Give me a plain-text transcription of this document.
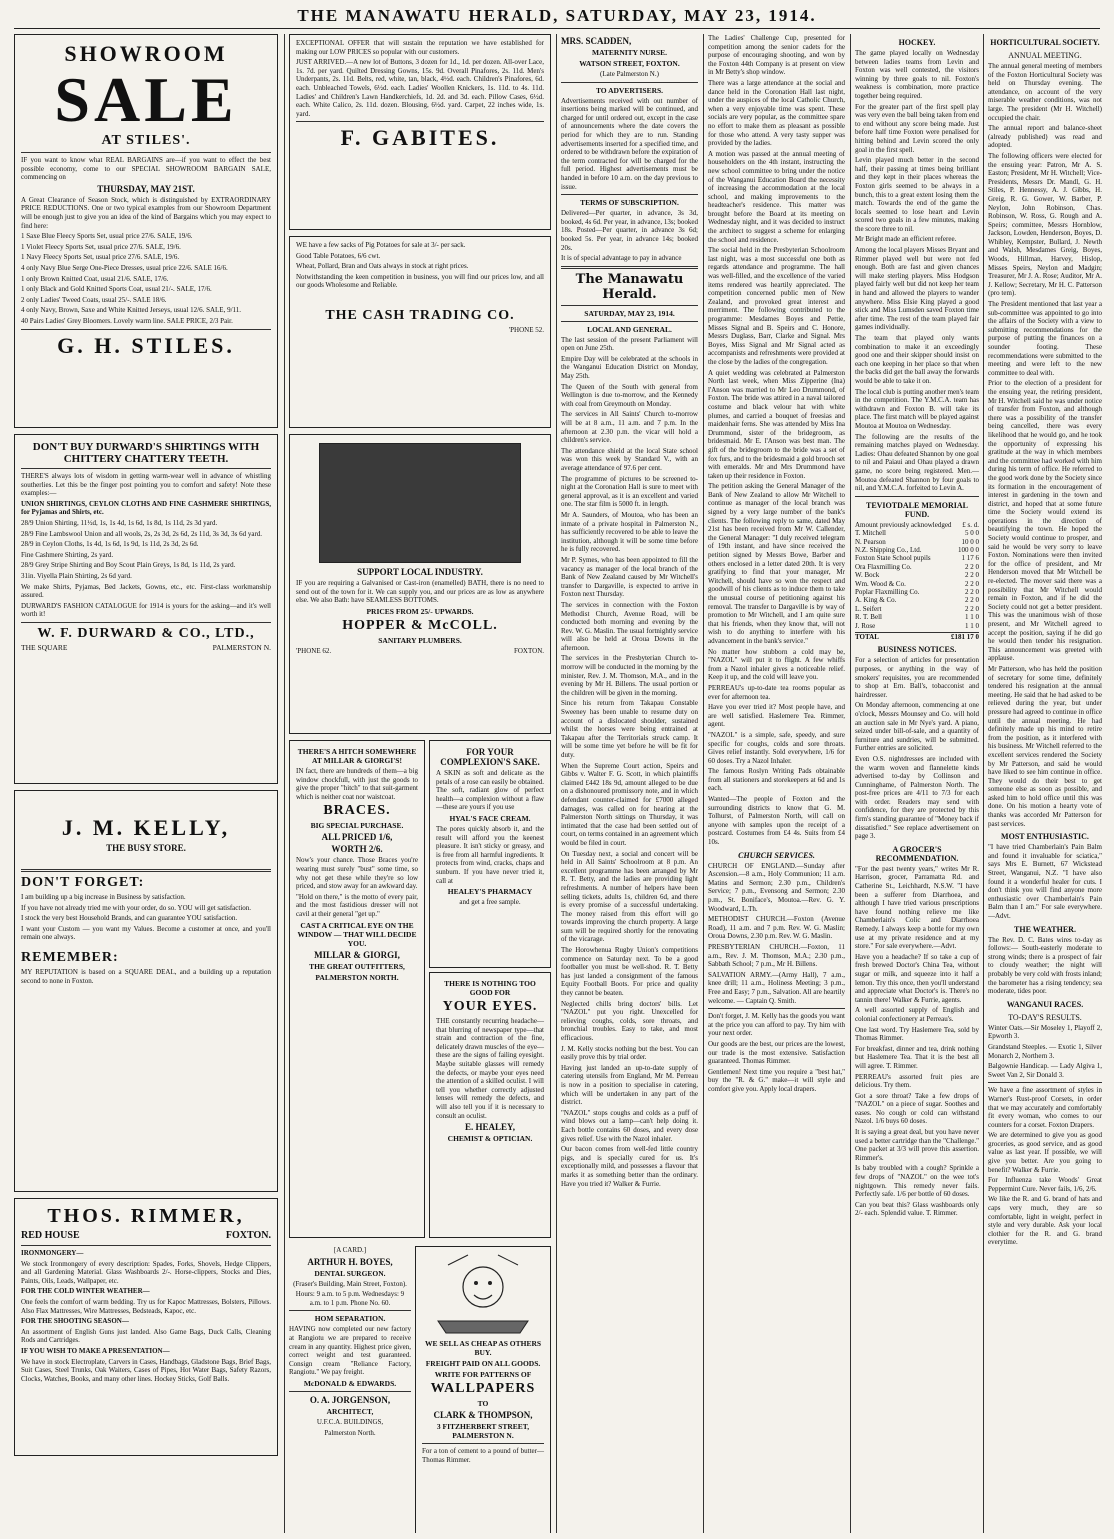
THE MANAWATU HERALD, SATURDAY, MAY 23, 1914.
SHOWROOM
SALE
AT STILES'.

IF you want to know what REAL BARGAINS are—if you want to effect the best possible economy, come to our SPECIAL SHOWROOM BARGAIN SALE, commencing on

THURSDAY, MAY 21ST.

A Great Clearance of Season Stock, which is distinguished by EXTRAORDINARY PRICE REDUCTIONS. One or two typical examples from our Showroom Department will be enough just to give you an idea of the kind of Bargains which you may expect to find here:

1 Saxe Blue Fleecy Sports Set, usual price 27/6. SALE, 19/6.

1 Violet Fleecy Sports Set, usual price 27/6. SALE, 19/6.

1 Navy Fleecy Sports Set, usual price 27/6. SALE, 19/6.

4 only Navy Blue Serge One-Piece Dresses, usual price 22/6. SALE 16/6.

1 only Brown Knitted Coat, usual 21/6. SALE, 17/6.

1 only Black and Gold Knitted Sports Coat, usual 21/-. SALE, 17/6.

2 only Ladies' Tweed Coats, usual 25/-. SALE 18/6.

4 only Navy, Brown, Saxe and White Knitted Jerseys, usual 12/6. SALE, 9/11.

40 Pairs Ladies' Grey Bloomers. Lovely warm line. SALE PRICE, 2/3 Pair.

G. H. STILES.
DON'T BUY DURWARD'S SHIRTINGS WITH CHITTERY CHATTERY TEETH.

THERE'S always lots of wisdom in getting warm-wear well in advance of whistling southerlies. Let this be the finger post pointing you to comfort and safety! Note these examples:—

UNION SHIRTINGS, CEYLON CLOTHS AND FINE CASHMERE SHIRTINGS, for Pyjamas and Shirts, etc.

28/9 Union Shirting, 11½d, 1s, 1s 4d, 1s 6d, 1s 8d, 1s 11d, 2s 3d yard.

28/9 Fine Lambswool Union and all wools, 2s, 2s 3d, 2s 6d, 2s 11d, 3s 3d, 3s 6d yard.

28/9 in Ceylon Cloths, 1s 4d, 1s 6d, 1s 9d, 1s 11d, 2s 3d, 2s 6d.

Fine Cashmere Shirting, 2s yard.

28/9 Grey Stripe Shirting and Boy Scout Plain Greys, 1s 8d, 1s 11d, 2s yard.

31in. Viyella Plain Shirting, 2s 6d yard.

We make Shirts, Pyjamas, Bed Jackets, Gowns, etc., etc. First-class workmanship assured.

DURWARD'S FASHION CATALOGUE for 1914 is yours for the asking—and it's well worth it!

W. F. DURWARD & CO., LTD.,
THE SQUARE	PALMERSTON N.
J. M. KELLY,
THE BUSY STORE.
DON'T FORGET:

I am building up a big increase in Business by satisfaction.

If you have not already tried me with your order, do so. YOU will get satisfaction.

I stock the very best Household Brands, and can guarantee YOU satisfaction.

I want your Custom — you want my Values. Become a customer at once, and you'll remain one always.

REMEMBER:

MY REPUTATION is based on a SQUARE DEAL, and a building up a reputation second to none in Foxton.

THOS. RIMMER,
RED HOUSE	FOXTON.

IRONMONGERY—

We stock Ironmongery of every description: Spades, Forks, Shovels, Hedge Clippers, and all Gardening Material. Glass Washboards 2/-. Horse-clippers, Stocks and Dies, Paints, Oils, Leads, Wallpaper, etc.

FOR THE COLD WINTER WEATHER—

One feels the comfort of warm bedding. Try us for Kapoc Mattresses, Bolsters, Pillows. Also Flax Mattresses, Wire Mattresses, Bedsteads, Kapoc, etc.

FOR THE SHOOTING SEASON—

An assortment of English Guns just landed. Also Game Bags, Duck Calls, Cleaning Rods and Cartridges.

IF YOU WISH TO MAKE A PRESENTATION—

We have in stock Electroplate, Carvers in Cases, Handbags, Gladstone Bags, Brief Bags, Suit Cases, Steel Trunks, Oak Waiters, Cases of Pipes, Hot Water Bags, Safety Razors, Clocks, Watches, Books, and many other lines. Hockey Sticks, Golf Balls.

EXCEPTIONAL OFFER that will sustain the reputation we have established for making our LOW PRICES so popular with our customers.

JUST ARRIVED.—A new lot of Buttons, 3 dozen for 1d., 1d. per dozen. All-over Lace, 1s. 7d. per yard. Quilted Dressing Gowns, 15s. 9d. Overall Pinafores, 2s. 11d. Men's Underpants, 2s. 11d. Belts, red, white, tan, black, 4½d. each. Children's Pinafores, 6d. each. Unbleached Towels, 6½d. each. Ladies' Woollen Knickers, 1s. 11d. to 4s. 11d. Ladies' and Children's Lawn Handkerchiefs, 1d. 2d. and 3d. each. Pillow Cases, 6½d. each. White Calico, 2s. 11d. dozen. Blousing, 6½d. yard. Carpet, 22 inches wide, 1s. yard.

F. GABITES.

WE have a few sacks of Pig Potatoes for sale at 3/- per sack.

Good Table Potatoes, 6/6 cwt.

Wheat, Pollard, Bran and Oats always in stock at right prices.

Notwithstanding the keen competition in business, you will find our prices low, and all our goods Wholesome and Reliable.

THE CASH TRADING CO.

'PHONE 52.

SUPPORT LOCAL INDUSTRY.

IF you are requiring a Galvanised or Cast-iron (enamelled) BATH, there is no need to send out of the town for it. We can supply you, and our prices are as low as anywhere else. We also Bath: have SEAMLESS BOTTOMS.

PRICES FROM 25/- UPWARDS.
HOPPER & McCOLL.
SANITARY PLUMBERS.
'PHONE 62.	FOXTON.
THERE'S A HITCH SOMEWHERE AT MILLAR & GIORGI'S!

IN fact, there are hundreds of them—a big window chockfull, with just the goods to give the proper "hitch" to that suit-garment which is neither coat nor waistcoat.

BRACES.
BIG SPECIAL PURCHASE.
ALL PRICED 1/6,
WORTH 2/6.

Now's your chance. Those Braces you're wearing must surely "bust" some time, so why not get these while they're so low priced, and stow away for an awkward day.

"Hold on there," is the motto of every pair, and the most fastidious dresser will not cavil at their general "get up."

CAST A CRITICAL EYE ON THE WINDOW — THAT WILL DECIDE YOU.
MILLAR & GIORGI,
THE GREAT OUTFITTERS,
PALMERSTON NORTH.
FOR YOUR COMPLEXION'S SAKE.

A SKIN as soft and delicate as the petals of a rose can easily be obtained. The soft, radiant glow of perfect health—a complexion without a flaw—these are yours if you use

HYAL'S FACE CREAM.

The pores quickly absorb it, and the result will afford you the keenest pleasure. It isn't sticky or greasy, and is free from all harmful ingredients. It protects from wind, cracks, chaps and sunburn. If you have never tried it, call at

HEALEY'S PHARMACY

and get a free sample.

THERE IS NOTHING TOO GOOD FOR
YOUR EYES.

THE constantly recurring headache—that blurring of newspaper type—that strain and contraction of the fine, delicately drawn muscles of the eye—these are the signs of failing eyesight. Maybe suitable glasses will remedy the defects, or maybe your eyes need the attention of a skilled oculist. I will tell you whether correctly adjusted lenses will remedy the defects, and will also tell you if it is necessary to consult an oculist.

E. HEALEY,
CHEMIST & OPTICIAN.

[A CARD.]

ARTHUR H. BOYES,
DENTAL SURGEON.

(Fraser's Building, Main Street, Foxton).

Hours: 9 a.m. to 5 p.m. Wednesdays: 9 a.m. to 1 p.m. Phone No. 60.

HOM SEPARATION.

HAVING now completed our new factory at Rangiotu we are prepared to receive cream in any quantity. Highest price given, correct weight and test guaranteed. Consign cream "Reliance Factory, Rangiotu." We pay freight.

McDONALD & EDWARDS.
O. A. JORGENSON,
ARCHITECT,

U.F.C.A. BUILDINGS,

Palmerston North.

WE SELL AS CHEAP AS OTHERS BUY.
FREIGHT PAID ON ALL GOODS.
WRITE FOR PATTERNS OF
WALLPAPERS
TO
CLARK & THOMPSON,
3 FITZHERBERT STREET, PALMERSTON N.

For a ton of cement to a pound of butter—Thomas Rimmer.

MRS. SCADDEN,
MATERNITY NURSE.
WATSON STREET, FOXTON.

(Late Palmerston N.)

TO ADVERTISERS.

Advertisements received with out number of insertions being marked will be continued, and charged for until ordered out, except in the case of announcements where the date covers the period for which they are to run. Standing advertisements inserted for a specified time, and ordered to be withdrawn before the expiration of the term contracted for will be charged for the full period. Highest advertisements must be handed in before 10 a.m. on the day previous to issue.

TERMS OF SUBSCRIPTION.

Delivered—Per quarter, in advance, 3s 3d, booked, 4s 6d. Per year, in advance, 13s; booked 18s. Posted—Per quarter, in advance 3s 6d; booked 5s. Per year, in advance 14s; booked 20s.

It is of special advantage to pay in advance

The Manawatu Herald.
SATURDAY, MAY 23, 1914.
LOCAL AND GENERAL.

The last session of the present Parliament will open on June 25th.

Empire Day will be celebrated at the schools in the Wanganui Education District on Monday, May 25th.

The Queen of the South with general from Wellington is due to-morrow, and the Kennedy with coal from Greymouth on Monday.

The services in All Saints' Church to-morrow will be at 8 a.m., 11 a.m. and 7 p.m. In the afternoon at 2.30 p.m. the vicar will hold a children's service.

The attendance shield at the local State school was won this week by Standard V., with an average attendance of 97.6 per cent.

The programme of pictures to be screened to-night at the Coronation Hall is sure to meet with general approval, as it is an excellent and varied one. The star film is 5000 ft. in length.

Mr A. Saunders, of Moutoa, who has been an inmate of a private hospital in Palmerston N., has sufficiently recovered to be able to leave the institution, although it will be some time before he is fully recovered.

Mr P. Symes, who has been appointed to fill the vacancy as manager of the local branch of the Bank of New Zealand caused by Mr Witchell's transfer to Dargaville, is expected to arrive in Foxton next Thursday.

The services in connection with the Foxton Methodist Church, Avenue Road, will be conducted both morning and evening by the Rev. W. G. Maslin. The usual fortnightly service will also be held at Oroua Downs in the afternoon.

The services in the Presbyterian Church to-morrow will be conducted in the morning by the minister, Rev. J. M. Thomson, M.A., and in the evening by Mr H. Billens. The usual portion or the children will be given in the morning.

Since his return from Takapau Constable Sweeney has been unable to resume duty on account of a dislocated shoulder, sustained whilst the horses were being entrained at Takapau after the Territorials struck camp. It will be some time yet before he will be fit for duty.

When the Supreme Court action, Speirs and Gibbs v. Walter F. G. Scott, in which plaintiffs claimed £442 18s 9d, amount alleged to be due on a dishonoured promissory note, and in which defendant counter-claimed for £7000 alleged damages, was called on for hearing at the Palmerston North sittings on Thursday, it was intimated that the case had been settled out of court, on terms contained in an agreement which would be filed in court.

On Tuesday next, a social and concert will be held in All Saints' Schoolroom at 8 p.m. An excellent programme has been arranged by Mr R. T. Betty, and the ladies are providing light refreshments. A number of helpers have been selling tickets, adults 1s, children 6d, and there is every promise of a successful undertaking. The money raised from this effort will go towards improving the church property. A large sum will be required shortly for the renovating of the vicarage.

The Horowhenua Rugby Union's competitions commence on Saturday next. To be a good footballer you must be well-shod. R. T. Betty has just landed a consignment of the famous Equity Football Boots. For price and quality they cannot be beaten.

Neglected chills bring doctors' bills. Let "NAZOL" put you right. Unexcelled for relieving coughs, colds, sore throats, and bronchial troubles. Easy to take, and most efficacious.

J. M. Kelly stocks nothing but the best. You can easily prove this by trial order.

Having just landed an up-to-date supply of catering utensils from England, Mr M. Perreau is now in a position to specialise in catering, which will be undertaken in any part of the district.

"NAZOL" stops coughs and colds as a puff of wind blows out a lamp—can't help doing it. Each bottle contains 60 doses, and every dose gives relief. Use with the Nazol inhaler.

Our bacon comes from well-fed little country pigs, and is specially cured for us. It's exceptionally mild, and possesses a flavour that marks it as something better than the ordinary. Have you tried it? Walker & Furrie.

The Ladies' Challenge Cup, presented for competition among the senior cadets for the purpose of encouraging shooting, and won by the Foxton 44th Company is at present on view in Mr Betty's shop window.

There was a large attendance at the social and dance held in the Coronation Hall last night, under the auspices of the local Catholic Church, when a very enjoyable time was spent. These socials are very popular, as the committee spare no effort to make them as pleasant as possible for those who attend. A very tasty supper was provided by the ladies.

A motion was passed at the annual meeting of householders on the 4th instant, instructing the new school committee to bring under the notice of the Wanganui Education Board the necessity of increasing the accommodation at the local school, and making improvements to the headteacher's residence. This matter was brought before the Board at its meeting on Wednesday night, and it was decided to instruct the architect to suggest a scheme for enlarging the school and residence.

The social held in the Presbyterian Schoolroom last night, was a most successful one both as regards attendance and programme. The hall was well-filled, and the excellence of the varied items rendered was heartily appreciated. The competition concerned public men of New Zealand, and provoked great interest and merriment. The following contributed to the programme: Mesdames Boyes and Pettie, Misses Signal and B. Speirs and C. Honore, Messrs Duglass, Barr, Clarke and Signal. Mrs Boyes, Miss Signal and Mr Signal acted as accompanists and refreshments were provided at the close by the ladies of the congregation.

A quiet wedding was celebrated at Palmerston North last week, when Miss Zipperine (Ina) l'Anson was married to Mr Leo Drummond, of Foxton. The bride was attired in a naval tailored costume and black velour hat with white plumes, and carried a bouquet of freesias and maidenhair ferns. She was attended by Miss Ina Drummond, sister of the bridegroom, as bridesmaid. Mr E. l'Anson was best man. The gift of the bridegroom to the bride was a set of fox furs, and to the bridesmaid a gold brooch set with emeralds. Mr and Mrs Drummond have taken up their residence in Foxton.

The petition asking the General Manager of the Bank of New Zealand to allow Mr Witchell to continue as manager of the local branch was signed by a very large number of the bank's clients. The following reply to same, dated May 21st has been received from Mr W. Callender, the General Manager: "I duly received telegram of 19th instant, and have since received the petition signed by Messrs Bowe, Barber and others enclosed in a letter dated 20th. It is very gratifying to find that your manager, Mr Witchell, should have so won the respect and goodwill of his clients as to induce them to take the unusual course of petitioning against his removal. The transfer to Dargaville is by way of promotion to Mr Witchell, and I am quite sure that his friends, when they know that, will not wish to do anything to interfere with his advancement in the bank's service."

No matter how stubborn a cold may be, "NAZOL" will put it to flight. A few whiffs from a Nazol inhaler gives a noticeable relief. Keep it up, and the cold will leave you.

PERREAU's up-to-date tea rooms popular as ever for afternoon tea.

Have you ever tried it? Most people have, and are well satisfied. Haslemere Tea. Rimmer, agent.

"NAZOL" is a simple, safe, speedy, and sure specific for coughs, colds and sore throats. Gives relief instantly. Sold everywhere, 1/6 for 60 doses. Try a Nazol Inhaler.

The famous Roslyn Writing Pads obtainable from all stationers and storekeepers at 6d and 1s each.

Wanted—The people of Foxton and the surrounding districts to know that G. M. Tolhurst, of Palmerston North, will call on anyone with samples upon the receipt of a postcard. Costumes from £4 4s. Suits from £4 10s.

CHURCH SERVICES.

CHURCH OF ENGLAND.—Sunday after Ascension.—8 a.m., Holy Communion; 11 a.m. Matins and Sermon; 2.30 p.m., Children's Service; 7 p.m., Evensong and Sermon; 2.30 p.m., St. Boniface's, Moutoa.—Rev. G. Y. Woodward, L.Th.

METHODIST CHURCH.—Foxton (Avenue Road), 11 a.m. and 7 p.m. Rev. W. G. Maslin; Oroua Downs, 2.30 p.m. Rev. W. G. Maslin.

PRESBYTERIAN CHURCH.—Foxton, 11 a.m., Rev. J. M. Thomson, M.A.; 2.30 p.m., Sabbath School; 7 p.m., Mr H. Billens.

SALVATION ARMY.—(Army Hall), 7 a.m., knee drill; 11 a.m., Holiness Meeting; 3 p.m., Free and Easy; 7 p.m., Salvation. All are heartily welcome. — Captain Q. Smith.

Don't forget, J. M. Kelly has the goods you want at the price you can afford to pay. Try him with your next order.

Our goods are the best, our prices are the lowest, our trade is the most extensive. Satisfaction guaranteed. Thomas Rimmer.

Gentlemen! Next time you require a "best hat," buy the "R. & G." make—it will style and comfort give you. Apply local drapers.

HOCKEY.

The game played locally on Wednesday between ladies teams from Levin and Foxton was well contested, the visitors winning by three goals to nil. Foxton's weakness is combination, more practice together being required.

For the greater part of the first spell play was very even the ball being taken from end to end without any score being made. Just before half time Foxton were penalised for hitting behind and Levin scored the only goal in the first spell.

Levin played much better in the second half, their passing at times being brilliant and they kept in their places whereas the Foxton girls seemed to be always in a bunch, this to a great extent losing them the match. Towards the end of the game the locals seemed to lose heart and Levin scored two goals in a few minutes, making the score three to nil.

Mr Bright made an efficient referee.

Among the local players Misses Bryant and Rimmer played well but were not fed enough. Both are fast and given chances will make sterling players. Miss Hodgson played fairly well but did not keep her team in hand and allowed the players to wander anywhere. Miss Elsie King played a good stick and Miss Lumsden saved Foxton time after time. The rest of the team played fair games individually.

The team that played only wants combination to make it an exceedingly good one and their skipper should insist on each one keeping in her place so that when the backs did get the ball away the forwards would be able to take it on.

The local club is putting another men's team in the competition. The Y.M.C.A. team has withdrawn and Foxton B. will take its place. The first match will be played against Moutoa at Moutoa on Wednesday.

The following are the results of the remaining matches played on Wednesday. Ladies: Ohau defeated Shannon by one goal to nil and Paiaui and Ohau played a drawn game, no score being registered. Men.—Moutoa defeated Shannon by four goals to nil, and Y.M.C.A. forfeited to Levin A.

TEVIOTDALE MEMORIAL FUND.
Amount previously acknowledged £ s. d.
T. Mitchell	5 0 0
N. Pearson	10 0 0
N.Z. Shipping Co., Ltd.	100 0 0
Foxton State School pupils	1 17 6
Ora Flaxmilling Co.	2 2 0
W. Bock	2 2 0
Wm. Wood & Co.	2 2 0
Poplar Flaxmilling Co.	2 2 0
A. King & Co.	2 2 0
L. Seifert	2 2 0
R. T. Bell	1 1 0
J. Rose	1 1 0
TOTAL	£181 17 0
BUSINESS NOTICES.

For a selection of articles for presentation purposes, or anything in the way of smokers' requisites, you are recommended to shop at Ern. Ball's, tobacconist and hairdresser.

On Monday afternoon, commencing at one o'clock, Messrs Mounsey and Co. will hold an auction sale in Mr Nye's yard. A piano, seized under bill-of-sale, and a quantity of furniture and sundries, will be submitted. Further entries are solicited.

Even O.S. nightdresses are included with the warm woven and flannelette kinds advertised to-day by Collinson and Cunninghame, of Palmerston North. The post-free prices are 4/11 to 7/3 for each with order. Readers may send with confidence, for they are protected by this firm's standing guarantee of "Money back if dissatisfied." See replace advertisement on page 3.

A GROCER'S RECOMMENDATION.

"For the past twenty years," writes Mr R. Harrison, grocer, Parramatta Rd. and Catherine St., Leichhardt, N.S.W. "I have been a sufferer from Diarrhoea, and although I have tried various prescriptions have found nothing relieve me like Chamberlain's Colic and Diarrhoea Remedy. I always keep a bottle for my own use at my private residence and at my store." For sale everywhere.—Advt.

Have you a headache? If so take a cup of fresh brewed Doctor's China Tea, without sugar or milk, and squeeze into it half a lemon. Try this once, then you'll understand and appreciate what Doctor's is. There's no tannin there! Walker & Furrie, agents.

A well assorted supply of English and colonial confectionery at Perreau's.

One last word. Try Haslemere Tea, sold by Thomas Rimmer.

For breakfast, dinner and tea, drink nothing but Haslemere Tea. That it is the best all will agree. T. Rimmer.

PERREAU's assorted fruit pies are delicious. Try them.

Got a sore throat? Take a few drops of "NAZOL" on a piece of sugar. Soothes and eases. No cough or cold can withstand Nazol. 1/6 buys 60 doses.

It is saying a great deal, but you have never used a better cartridge than the "Challenge." One packet at 3/3 will prove this assertion. Rimmer's.

Is baby troubled with a cough? Sprinkle a few drops of "NAZOL" on the wee tot's nightgown. This remedy never fails. Perfectly safe. 1/6 per bottle of 60 doses.

Can you beat this? Glass washboards only 2/- each. Splendid value. T. Rimmer.

HORTICULTURAL SOCIETY.
ANNUAL MEETING.

The annual general meeting of members of the Foxton Horticultural Society was held on Thursday evening. The attendance, on account of the very miserable weather conditions, was not large. The president (Mr H. Witchell) occupied the chair.

The annual report and balance-sheet (already published) was read and adopted.

The following officers were elected for the ensuing year: Patron, Mr A. S. Easton; President, Mr H. Witchell; Vice-Presidents, Messrs Dr. Mandl, G. H. Stiles, P. Hennessy, A. J. Gibbs, H. Greig, R. G. Gower, W. Barber, P. Neylon, John Robinson, Chas. Robinson, W. Ross, G. Rough and A. Speirs; committee, Messrs Hornblow, Jackson, Lowden, Henderson, Boyes, D. Whibley, Kempster, Bullard, J. Newth and Walsh, Mesdames Greig, Boyes, Woods, Hillman, Harvey, Hislop, Misses Speirs, Neylon and Madgin; Treasurer, Mr J. A. Rose; Auditor, Mr A. J. Kellow; Secretary, Mr H. C. Patterson (pro tem).

The President mentioned that last year a sub-committee was appointed to go into the affairs of the Society with a view to submitting recommendations for the purpose of putting the finances on a sounder footing. These recommendations were submitted to the meeting and were left to the new committee to deal with.

Prior to the election of a president for the ensuing year, the retiring president, Mr H. Witchell said he was under notice of transfer from Foxton, and although there was a possibility of the transfer being cancelled, there was every likelihood that he would go, and he took the opportunity of expressing his gratitude at the way in which members and the committee had worked with him during his term of office. He referred to the good work done by the Society since its formation in the encouragement of interest in gardening in the town and district, and hoped that at some future time the Society would extend its operations in the direction of beautifying the town. He hoped the Society would continue to prosper, and said he would be very sorry to leave Foxton. Nominations were then invited for the office of president, and Mr Henderson moved that Mr Witchell be re-elected. The mover said there was a possibility that Mr Witchell would remain in Foxton, and if he did the Society could not get a better president. This was the unanimous wish of those present, and Mr Witchell agreed to accept the position, saying if he did go he would then tender his resignation. This announcement was greeted with applause.

Mr Patterson, who has held the position of secretary for some time, definitely tendered his resignation at the annual meeting. He said that he had asked to be relieved during the year, but under pressure had agreed to continue in office until the annual meeting. He had definitely made up his mind to retire from the position, as it interfered with his business. Mr Witchell referred to the excellent services rendered the Society by Mr Patterson, and said he would have liked to see him continue in office. They would do their best to get someone else as soon as possible, and asked him to hold office until this was done. On his motion a hearty vote of thanks was accorded Mr Patterson for past services.

MOST ENTHUSIASTIC.

"I have tried Chamberlain's Pain Balm and found it invaluable for sciatica," says Mrs E. Burnett, 67 Wickstead Street, Wanganui, N.Z. "I have also found it a wonderful healer for cuts. I don't think you will find anyone more enthusiastic over Chamberlain's Pain Balm than I am." For sale everywhere.—Advt.

THE WEATHER.

The Rev. D. C. Bates wires to-day as follows:— South-easterly moderate to strong winds; there is a prospect of fair to cloudy weather; the night will probably be very cold with frosts inland; the barometer has a rising tendency; sea moderate, tides poor.

WANGANUI RACES.
TO-DAY'S RESULTS.

Winter Oats.—Sir Moseley 1, Playoff 2, Epworth 3.

Grandstand Steeples. — Exotic 1, Silver Monarch 2, Northern 3.

Balgownie Handicap. — Lady Algiva 1, Sweet Van 2, Sir Donald 3.

We have a fine assortment of styles in Warner's Rust-proof Corsets, in order that we may accurately and comfortably fit every woman, who comes to our counters for a corset. Foxton Drapers.

We are determined to give you as good groceries, as good service, and as good value as last year. If possible, we will give you better. Are you going to benefit? Walker & Furrie.

For Influenza take Woods' Great Peppermint Cure. Never fails, 1/6, 2/6.

We like the R. and G. brand of hats and caps very much, they are so comfortable, light in weight, perfect in style and very durable. Ask your local clothier for the R. and G. brand everytime.
